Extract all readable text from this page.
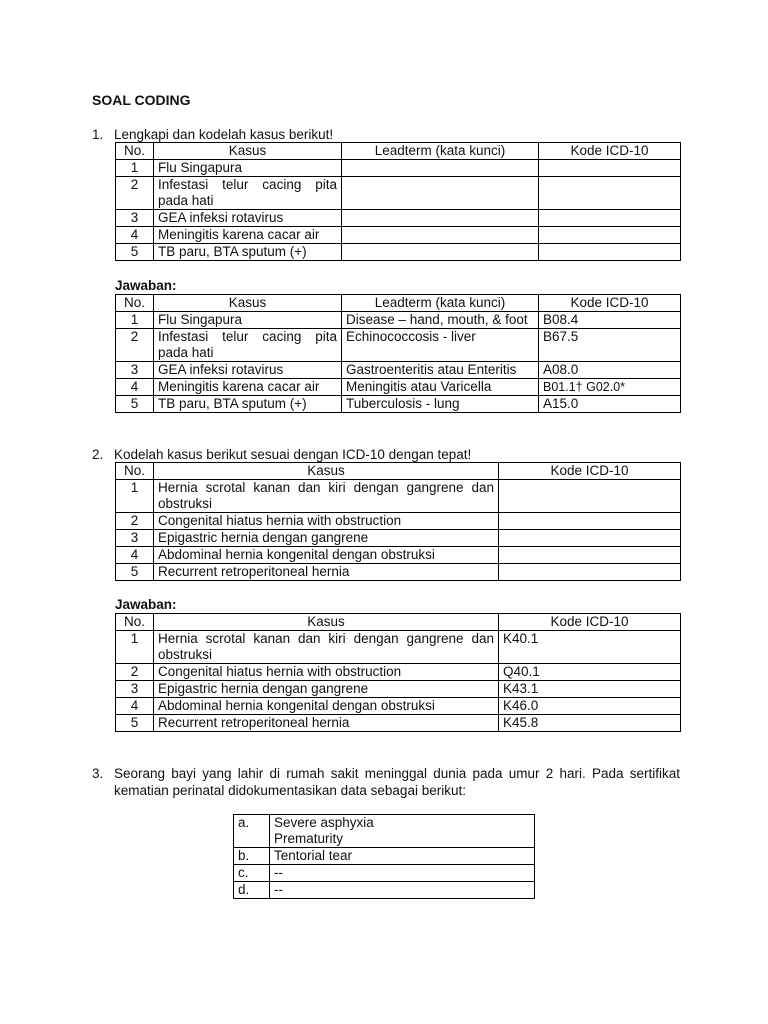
SOAL CODING
1. Lengkapi dan kodelah kasus berikut!
No.	Kasus	Leadterm (kata kunci)	Kode ICD-10
1	Flu Singapura		
2	Infestasi telur cacing pita pada hati		
3	GEA infeksi rotavirus		
4	Meningitis karena cacar air		
5	TB paru, BTA sputum (+)		
Jawaban:
No.	Kasus	Leadterm (kata kunci)	Kode ICD-10
1	Flu Singapura	Disease – hand, mouth, & foot	B08.4
2	Infestasi telur cacing pita pada hati	Echinococcosis - liver	B67.5
3	GEA infeksi rotavirus	Gastroenteritis atau Enteritis	A08.0
4	Meningitis karena cacar air	Meningitis atau Varicella	B01.1† G02.0*
5	TB paru, BTA sputum (+)	Tuberculosis - lung	A15.0
2. Kodelah kasus berikut sesuai dengan ICD-10 dengan tepat!
No.	Kasus	Kode ICD-10
1	Hernia scrotal kanan dan kiri dengan gangrene dan obstruksi	
2	Congenital hiatus hernia with obstruction	
3	Epigastric hernia dengan gangrene	
4	Abdominal hernia kongenital dengan obstruksi	
5	Recurrent retroperitoneal hernia	
Jawaban:
No.	Kasus	Kode ICD-10
1	Hernia scrotal kanan dan kiri dengan gangrene dan obstruksi	K40.1
2	Congenital hiatus hernia with obstruction	Q40.1
3	Epigastric hernia dengan gangrene	K43.1
4	Abdominal hernia kongenital dengan obstruksi	K46.0
5	Recurrent retroperitoneal hernia	K45.8
3. Seorang bayi yang lahir di rumah sakit meninggal dunia pada umur 2 hari. Pada sertifikat kematian perinatal didokumentasikan data sebagai berikut:
a.	Severe asphyxia
Prematurity
b.	Tentorial tear
c.	--
d.	--
